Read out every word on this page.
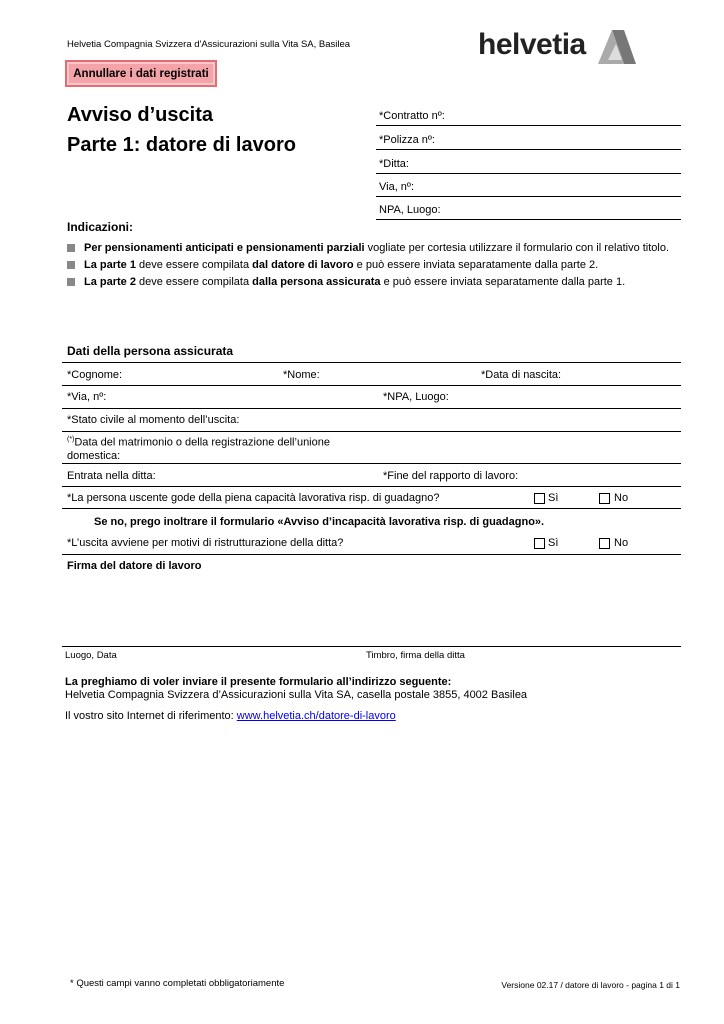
Helvetia Compagnia Svizzera d'Assicurazioni sulla Vita SA, Basilea	helvetia
Annullare i dati registrati
Avviso d’uscita
Parte 1: datore di lavoro
*Contratto nº:
*Polizza nº:
*Ditta:
Via, nº:
NPA, Luogo:
Indicazioni:
Per pensionamenti anticipati e pensionamenti parziali vogliate per cortesia utilizzare il formulario con il relativo titolo.
La parte 1 deve essere compilata dal datore di lavoro e può essere inviata separatamente dalla parte 2.
La parte 2 deve essere compilata dalla persona assicurata e può essere inviata separatamente dalla parte 1.
Dati della persona assicurata
*Cognome:	*Nome:	*Data di nascita:
*Via, nº:	*NPA, Luogo:
*Stato civile al momento dell’uscita:
(*)Data del matrimonio o della registrazione dell’unione
domestica:
Entrata nella ditta:	*Fine del rapporto di lavoro:
*La persona uscente gode della piena capacità lavorativa risp. di guadagno?	Sì	No
Se no, prego inoltrare il formulario «Avviso d’incapacità lavorativa risp. di guadagno».
*L’uscita avviene per motivi di ristrutturazione della ditta?	Sì	No
Firma del datore di lavoro
Luogo, Data	Timbro, firma della ditta
La preghiamo di voler inviare il presente formulario all’indirizzo seguente:
Helvetia Compagnia Svizzera d’Assicurazioni sulla Vita SA, casella postale 3855, 4002 Basilea
Il vostro sito Internet di riferimento: www.helvetia.ch/datore-di-lavoro
* Questi campi vanno completati obbligatoriamente	Versione 02.17 / datore di lavoro - pagina 1 di 1
